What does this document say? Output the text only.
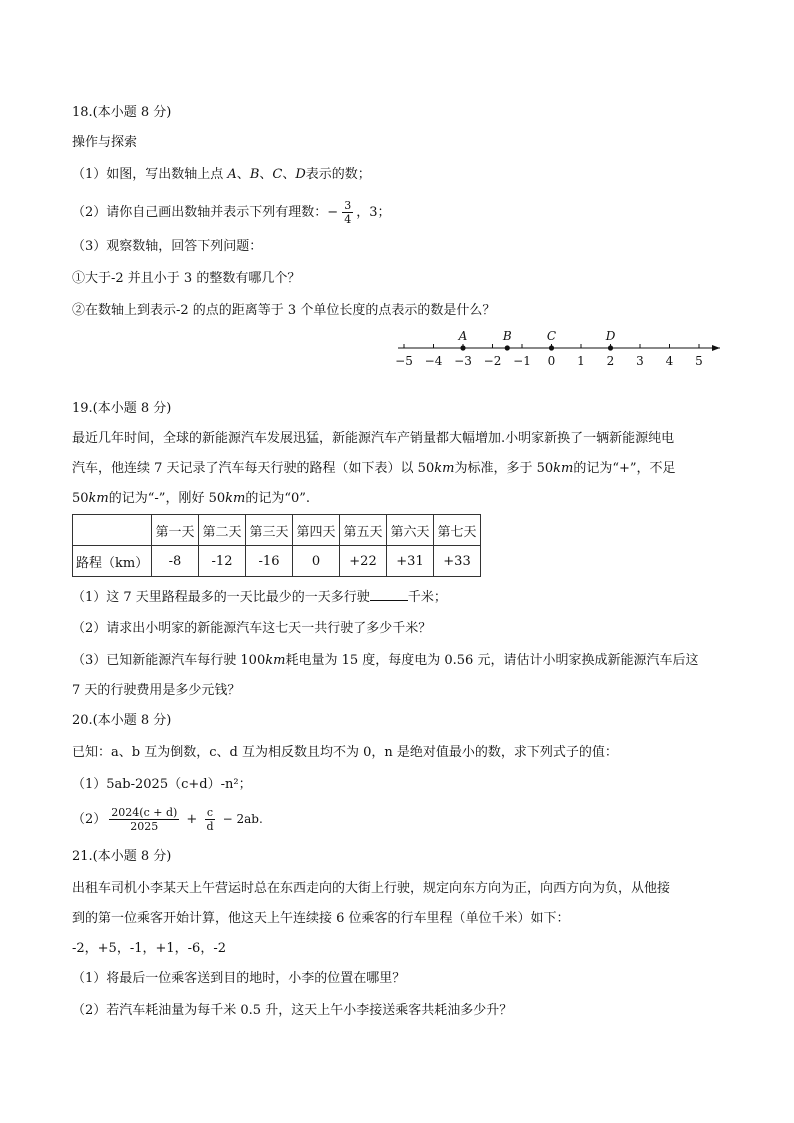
18.(本小题 8 分)
操作与探索
（1）如图，写出数轴上点 A、B、C、D表示的数；
（2）请你自己画出数轴并表示下列有理数：− $\frac{3}{4}$ ，3；
（3）观察数轴，回答下列问题：
①大于-2 并且小于 3 的整数有哪几个？
②在数轴上到表示-2 的点的距离等于 3 个单位长度的点表示的数是什么？
−5 −4 −3 −2 −1 0 1 2 3 4 5
A	B	C	D
19.(本小题 8 分)
最近几年时间，全球的新能源汽车发展迅猛，新能源汽车产销量都大幅增加.小明家新换了一辆新能源纯电
汽车，他连续 7 天记录了汽车每天行驶的路程（如下表）以 50km为标准，多于 50km的记为“+”，不足
50km的记为“-”，刚好 50km的记为“0”.
	第一天	第二天	第三天	第四天	第五天	第六天	第七天
路程（km）	-8	-12	-16	0	+22	+31	+33
（1）这 7 天里路程最多的一天比最少的一天多行驶	千米；
（2）请求出小明家的新能源汽车这七天一共行驶了多少千米？
（3）已知新能源汽车每行驶 100km耗电量为 15 度，每度电为 0.56 元，请估计小明家换成新能源汽车后这
7 天的行驶费用是多少元钱？
20.(本小题 8 分)
已知：a、b 互为倒数，c、d 互为相反数且均不为 0，n 是绝对值最小的数，求下列式子的值：
（1）5ab-2025（c+d）-n²；
$(2) \frac{2024(c + d)}{2025} + \frac{c}{d} - 2ab$.
21.(本小题 8 分)
出租车司机小李某天上午营运时总在东西走向的大街上行驶，规定向东方向为正，向西方向为负，从他接
到的第一位乘客开始计算，他这天上午连续接 6 位乘客的行车里程（单位千米）如下：
-2，+5，-1，+1，-6，-2
（1）将最后一位乘客送到目的地时，小李的位置在哪里？
（2）若汽车耗油量为每千米 0.5 升，这天上午小李接送乘客共耗油多少升？
